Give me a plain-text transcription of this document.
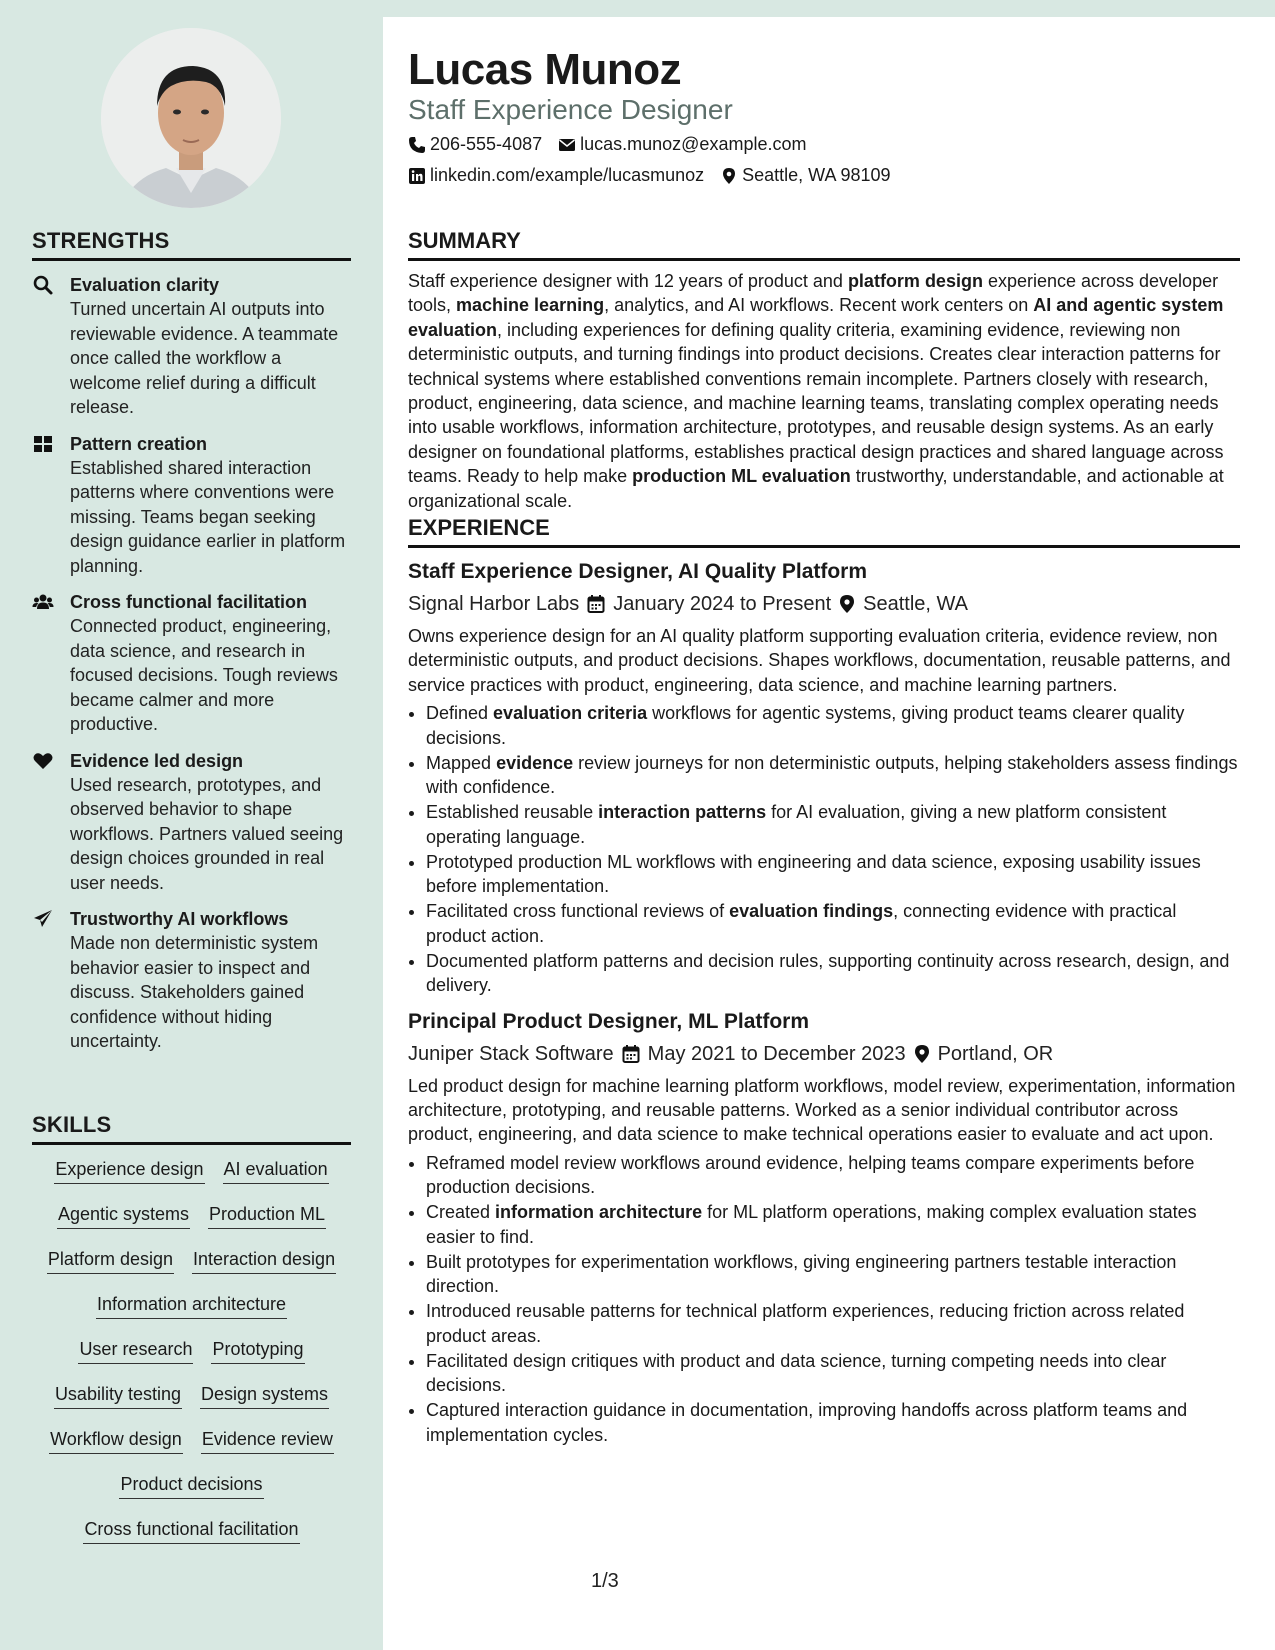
STRENGTHS
Evaluation clarity
Turned uncertain AI outputs into reviewable evidence. A teammate once called the workflow a welcome relief during a difficult release.
Pattern creation
Established shared interaction patterns where conventions were missing. Teams began seeking design guidance earlier in platform planning.
Cross functional facilitation
Connected product, engineering, data science, and research in focused decisions. Tough reviews became calmer and more productive.
Evidence led design
Used research, prototypes, and observed behavior to shape workflows. Partners valued seeing design choices grounded in real user needs.
Trustworthy AI workflows
Made non deterministic system behavior easier to inspect and discuss. Stakeholders gained confidence without hiding uncertainty.
SKILLS
Experience design AI evaluation
Agentic systems Production ML
Platform design Interaction design
Information architecture
User research Prototyping
Usability testing Design systems
Workflow design Evidence review
Product decisions
Cross functional facilitation
Lucas Munoz
Staff Experience Designer
206-555-4087 lucas.munoz@example.com
linkedin.com/example/lucasmunoz Seattle, WA 98109
SUMMARY

Staff experience designer with 12 years of product and platform design experience across developer tools, machine learning, analytics, and AI workflows. Recent work centers on AI and agentic system evaluation, including experiences for defining quality criteria, examining evidence, reviewing non deterministic outputs, and turning findings into product decisions. Creates clear interaction patterns for technical systems where established conventions remain incomplete. Partners closely with research, product, engineering, data science, and machine learning teams, translating complex operating needs into usable workflows, information architecture, prototypes, and reusable design systems. As an early designer on foundational platforms, establishes practical design practices and shared language across teams. Ready to help make production ML evaluation trustworthy, understandable, and actionable at organizational scale.

EXPERIENCE
Staff Experience Designer, AI Quality Platform
Signal Harbor Labs January 2024 to Present Seattle, WA
Owns experience design for an AI quality platform supporting evaluation criteria, evidence review, non deterministic outputs, and product decisions. Shapes workflows, documentation, reusable patterns, and service practices with product, engineering, data science, and machine learning partners.
• Defined evaluation criteria workflows for agentic systems, giving product teams clearer quality decisions.
• Mapped evidence review journeys for non deterministic outputs, helping stakeholders assess findings with confidence.
• Established reusable interaction patterns for AI evaluation, giving a new platform consistent operating language.
• Prototyped production ML workflows with engineering and data science, exposing usability issues before implementation.
• Facilitated cross functional reviews of evaluation findings, connecting evidence with practical product action.
• Documented platform patterns and decision rules, supporting continuity across research, design, and delivery.
Principal Product Designer, ML Platform
Juniper Stack Software May 2021 to December 2023 Portland, OR
Led product design for machine learning platform workflows, model review, experimentation, information architecture, prototyping, and reusable patterns. Worked as a senior individual contributor across product, engineering, and data science to make technical operations easier to evaluate and act upon.
• Reframed model review workflows around evidence, helping teams compare experiments before production decisions.
• Created information architecture for ML platform operations, making complex evaluation states easier to find.
• Built prototypes for experimentation workflows, giving engineering partners testable interaction direction.
• Introduced reusable patterns for technical platform experiences, reducing friction across related product areas.
• Facilitated design critiques with product and data science, turning competing needs into clear decisions.
• Captured interaction guidance in documentation, improving handoffs across platform teams and implementation cycles.
1/3
